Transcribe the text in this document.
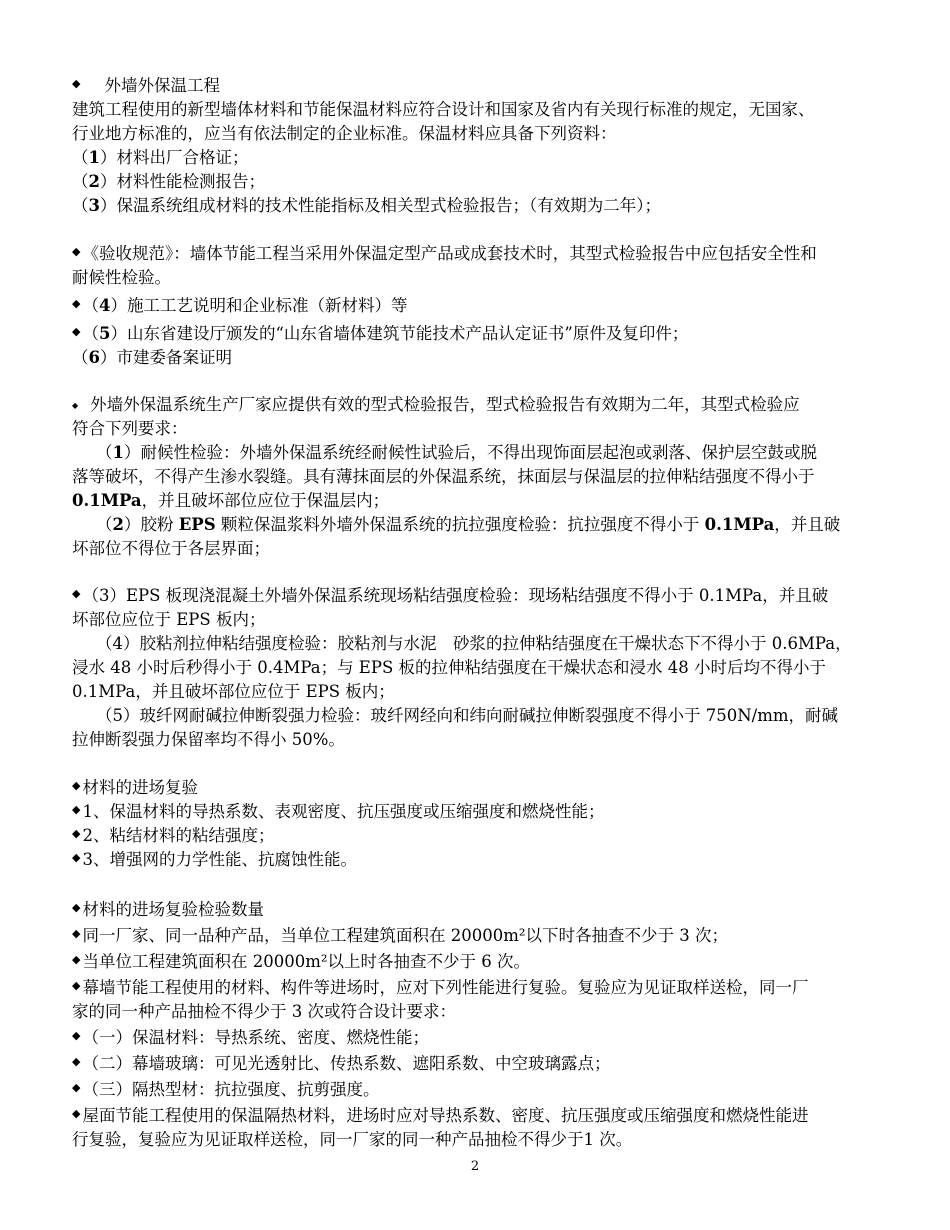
◆ 外墙外保温工程
建筑工程使用的新型墙体材料和节能保温材料应符合设计和国家及省内有关现行标准的规定，无国家、
行业地方标准的，应当有依法制定的企业标准。保温材料应具备下列资料：
（1）材料出厂合格证；
（2）材料性能检测报告；
（3）保温系统组成材料的技术性能指标及相关型式检验报告；（有效期为二年）；
◆ 《验收规范》：墙体节能工程当采用外保温定型产品或成套技术时，其型式检验报告中应包括安全性和
耐候性检验。
◆ （4）施工工艺说明和企业标准（新材料）等
◆ （5）山东省建设厅颁发的“山东省墙体建筑节能技术产品认定证书”原件及复印件；
（6）市建委备案证明
◆ 外墙外保温系统生产厂家应提供有效的型式检验报告，型式检验报告有效期为二年，其型式检验应
符合下列要求：
（1）耐候性检验：外墙外保温系统经耐候性试验后，不得出现饰面层起泡或剥落、保护层空鼓或脱
落等破坏，不得产生渗水裂缝。具有薄抹面层的外保温系统，抹面层与保温层的拉伸粘结强度不得小于
0.1MPa，并且破坏部位应位于保温层内；
（2）胶粉 EPS 颗粒保温浆料外墙外保温系统的抗拉强度检验：抗拉强度不得小于 0.1MPa，并且破
坏部位不得位于各层界面；
◆ （3）EPS 板现浇混凝土外墙外保温系统现场粘结强度检验：现场粘结强度不得小于 0.1MPa，并且破
坏部位应位于 EPS 板内；
（4）胶粘剂拉伸粘结强度检验：胶粘剂与水泥　砂浆的拉伸粘结强度在干燥状态下不得小于 0.6MPa，
浸水 48 小时后秒得小于 0.4MPa；与 EPS 板的拉伸粘结强度在干燥状态和浸水 48 小时后均不得小于
0.1MPa，并且破坏部位应位于 EPS 板内；
（5）玻纤网耐碱拉伸断裂强力检验：玻纤网经向和纬向耐碱拉伸断裂强度不得小于 750N/mm，耐碱
拉伸断裂强力保留率均不得小 50%。
◆ 材料的进场复验
◆ 1、保温材料的导热系数、表观密度、抗压强度或压缩强度和燃烧性能；
◆ 2、粘结材料的粘结强度；
◆ 3、增强网的力学性能、抗腐蚀性能。
◆ 材料的进场复验检验数量
◆ 同一厂家、同一品种产品，当单位工程建筑面积在 20000m²以下时各抽查不少于 3 次；
◆ 当单位工程建筑面积在 20000m²以上时各抽查不少于 6 次。
◆ 幕墙节能工程使用的材料、构件等进场时，应对下列性能进行复验。复验应为见证取样送检，同一厂
家的同一种产品抽检不得少于 3 次或符合设计要求：
◆ （一）保温材料：导热系统、密度、燃烧性能；
◆ （二）幕墙玻璃：可见光透射比、传热系数、遮阳系数、中空玻璃露点；
◆ （三）隔热型材：抗拉强度、抗剪强度。
◆ 屋面节能工程使用的保温隔热材料，进场时应对导热系数、密度、抗压强度或压缩强度和燃烧性能进
行复验，复验应为见证取样送检，同一厂家的同一种产品抽检不得少于1 次。
2
